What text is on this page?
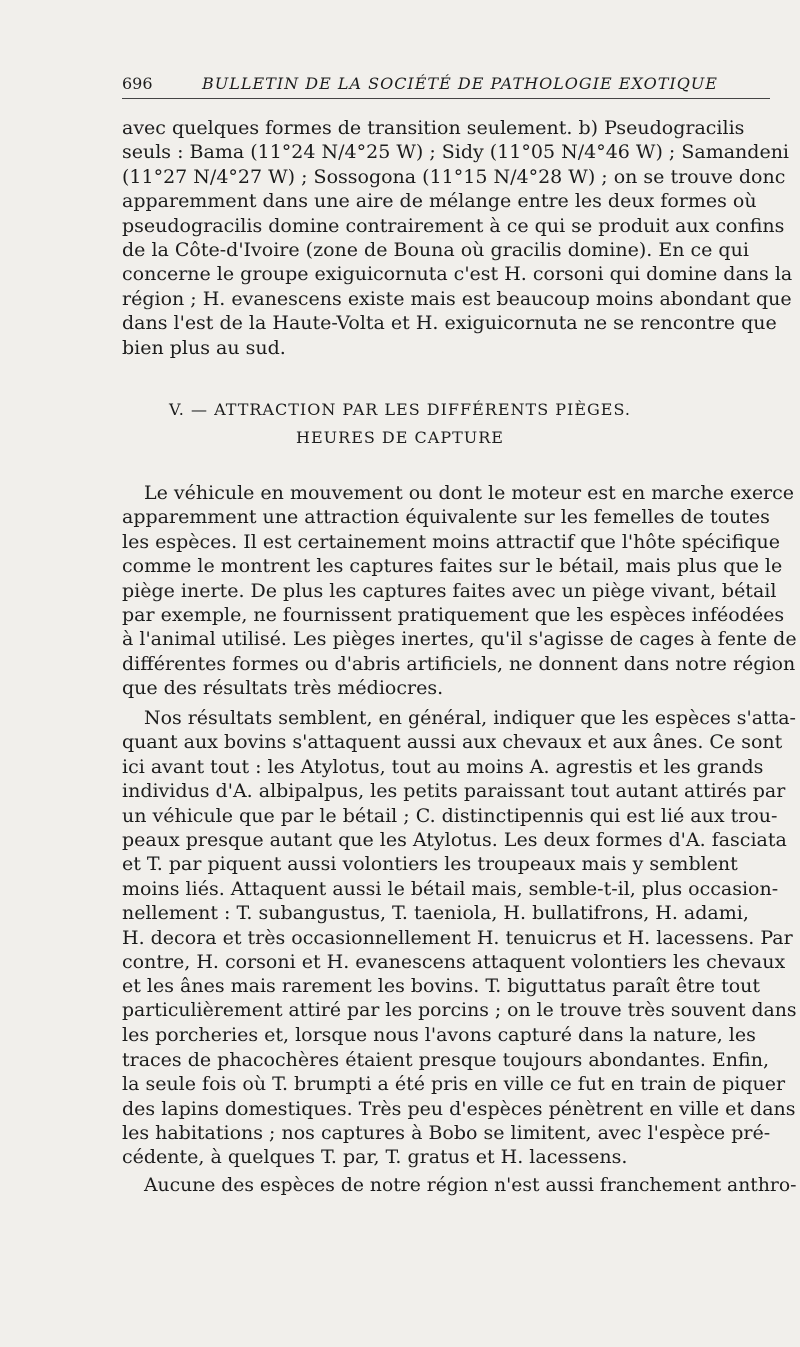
696	BULLETIN DE LA SOCIÉTÉ DE PATHOLOGIE EXOTIQUE
avec quelques formes de transition seulement. b) Pseudogracilis
seuls : Bama (11°24 N/4°25 W) ; Sidy (11°05 N/4°46 W) ; Samandeni
(11°27 N/4°27 W) ; Sossogona (11°15 N/4°28 W) ; on se trouve donc
apparemment dans une aire de mélange entre les deux formes où
pseudogracilis domine contrairement à ce qui se produit aux confins
de la Côte-d'Ivoire (zone de Bouna où gracilis domine). En ce qui
concerne le groupe exiguicornuta c'est H. corsoni qui domine dans la
région ; H. evanescens existe mais est beaucoup moins abondant que
dans l'est de la Haute-Volta et H. exiguicornuta ne se rencontre que
bien plus au sud.
V. — ATTRACTION PAR LES DIFFÉRENTS PIÈGES.
HEURES DE CAPTURE
Le véhicule en mouvement ou dont le moteur est en marche exerce
apparemment une attraction équivalente sur les femelles de toutes
les espèces. Il est certainement moins attractif que l'hôte spécifique
comme le montrent les captures faites sur le bétail, mais plus que le
piège inerte. De plus les captures faites avec un piège vivant, bétail
par exemple, ne fournissent pratiquement que les espèces inféodées
à l'animal utilisé. Les pièges inertes, qu'il s'agisse de cages à fente de
différentes formes ou d'abris artificiels, ne donnent dans notre région
que des résultats très médiocres.
Nos résultats semblent, en général, indiquer que les espèces s'atta-
quant aux bovins s'attaquent aussi aux chevaux et aux ânes. Ce sont
ici avant tout : les Atylotus, tout au moins A. agrestis et les grands
individus d'A. albipalpus, les petits paraissant tout autant attirés par
un véhicule que par le bétail ; C. distinctipennis qui est lié aux trou-
peaux presque autant que les Atylotus. Les deux formes d'A. fasciata
et T. par piquent aussi volontiers les troupeaux mais y semblent
moins liés. Attaquent aussi le bétail mais, semble-t-il, plus occasion-
nellement : T. subangustus, T. taeniola, H. bullatifrons, H. adami,
H. decora et très occasionnellement H. tenuicrus et H. lacessens. Par
contre, H. corsoni et H. evanescens attaquent volontiers les chevaux
et les ânes mais rarement les bovins. T. biguttatus paraît être tout
particulièrement attiré par les porcins ; on le trouve très souvent dans
les porcheries et, lorsque nous l'avons capturé dans la nature, les
traces de phacochères étaient presque toujours abondantes. Enfin,
la seule fois où T. brumpti a été pris en ville ce fut en train de piquer
des lapins domestiques. Très peu d'espèces pénètrent en ville et dans
les habitations ; nos captures à Bobo se limitent, avec l'espèce pré-
cédente, à quelques T. par, T. gratus et H. lacessens.
Aucune des espèces de notre région n'est aussi franchement anthro-
